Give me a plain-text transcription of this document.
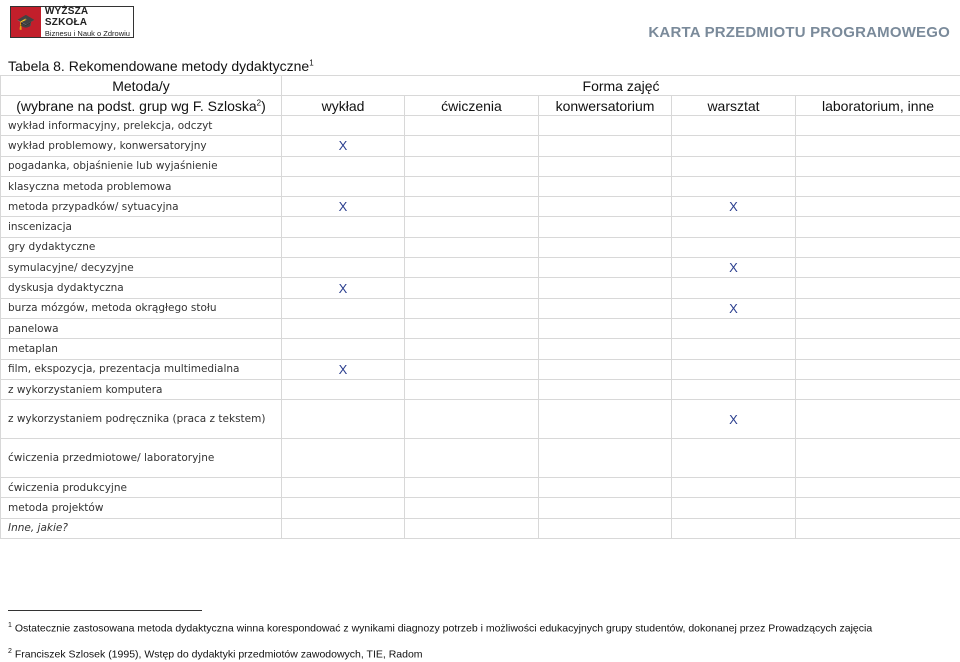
🎓
WYŻSZA SZKOŁA
Biznesu i Nauk o Zdrowiu	KARTA PRZEDMIOTU PROGRAMOWEGO
Tabela 8. Rekomendowane metody dydaktyczne$^1$
Metoda/y	Forma zajęć				
(wybrane na podst. grup wg F. Szloska$^2$)	wykład	ćwiczenia	konwersatorium	warsztat	laboratorium, inne
wykład informacyjny, prelekcja, odczyt					
wykład problemowy, konwersatoryjny	X				
pogadanka, objaśnienie lub wyjaśnienie					
klasyczna metoda problemowa					
metoda przypadków/ sytuacyjna	X			X	
inscenizacja					
gry dydaktyczne					
symulacyjne/ decyzyjne				X	
dyskusja dydaktyczna	X				
burza mózgów, metoda okrągłego stołu				X	
panelowa					
metaplan					
film, ekspozycja, prezentacja multimedialna	X				
z wykorzystaniem komputera					
z wykorzystaniem podręcznika (praca z tekstem)				X	
ćwiczenia przedmiotowe/ laboratoryjne					
ćwiczenia produkcyjne					
metoda projektów					
Inne, jakie?					
$^1$ Ostatecznie zastosowana metoda dydaktyczna winna korespondować z wynikami diagnozy potrzeb i możliwości edukacyjnych grupy studentów, dokonanej przez Prowadzących zajęcia
$^2$ Franciszek Szlosek (1995), Wstęp do dydaktyki przedmiotów zawodowych, TIE, Radom
